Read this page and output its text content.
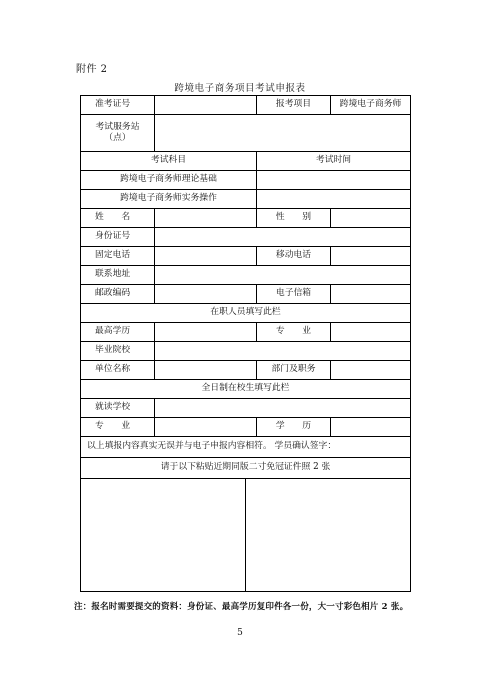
附件 2
跨境电子商务项目考试申报表
准考证号		报考项目	跨境电子商务师

考试服务站
（点）			

考试科目		考试时间	
跨境电子商务师理论基础			
跨境电子商务师实务操作			
姓　　名		性　　别	
身份证号			
固定电话		移动电话	
联系地址			
邮政编码		电子信箱	
在职人员填写此栏			
最高学历		专　　业	
毕业院校			
单位名称		部门及职务	
全日制在校生填写此栏			
就读学校			
专　　业		学　　历	
以上填报内容真实无误并与电子申报内容相符。 学员确认签字：			
请于以下粘贴近期同版二寸免冠证件照 2 张			

注：报名时需要提交的资料：身份证、最高学历复印件各一份，大一寸彩色相片 2 张。
5
